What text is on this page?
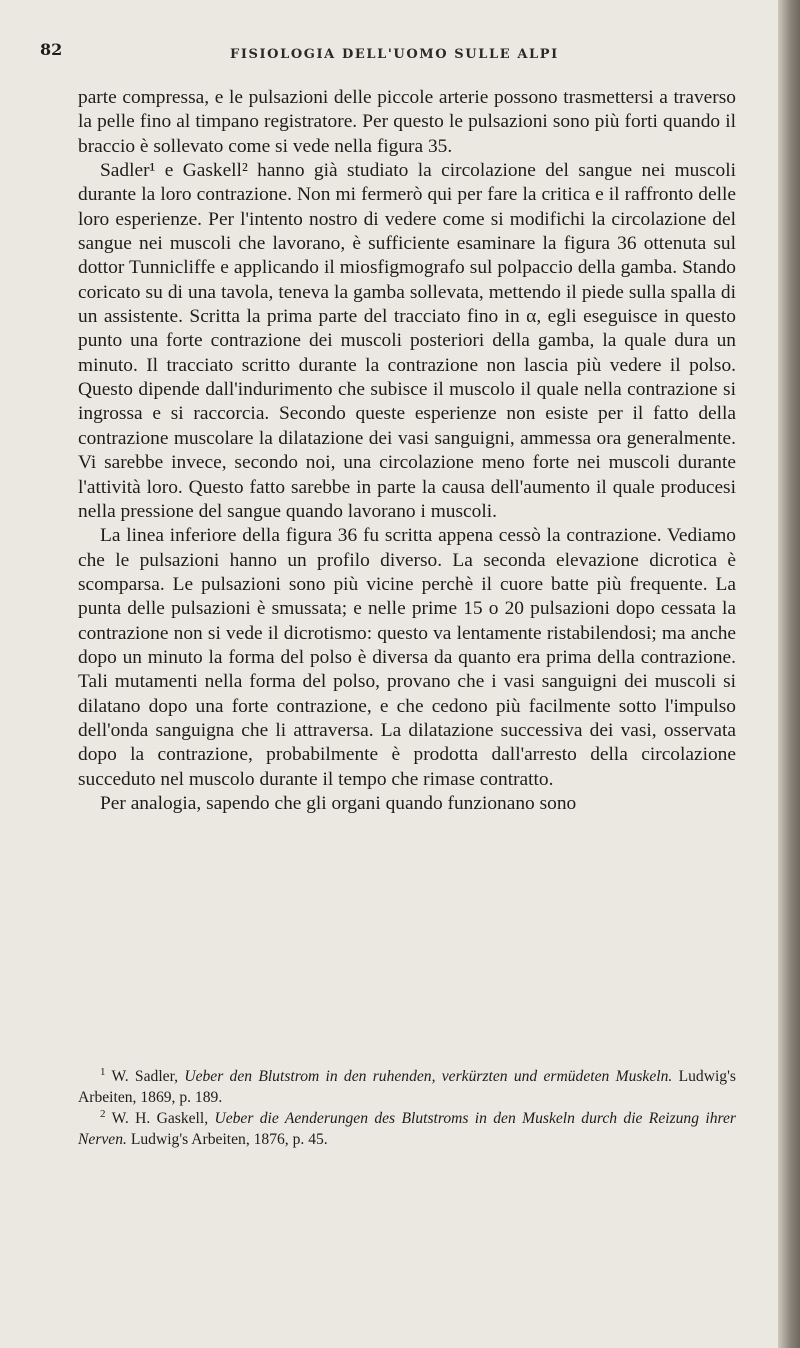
82	FISIOLOGIA DELL'UOMO SULLE ALPI

parte compressa, e le pulsazioni delle piccole arterie possono trasmettersi a traverso la pelle fino al timpano registratore. Per questo le pulsazioni sono più forti quando il braccio è sollevato come si vede nella figura 35.

Sadler¹ e Gaskell² hanno già studiato la circolazione del sangue nei muscoli durante la loro contrazione. Non mi fermerò qui per fare la critica e il raffronto delle loro esperienze. Per l'intento nostro di vedere come si modifichi la circolazione del sangue nei muscoli che lavorano, è sufficiente esaminare la figura 36 ottenuta sul dottor Tunnicliffe e applicando il miosfigmografo sul polpaccio della gamba. Stando coricato su di una tavola, teneva la gamba sollevata, mettendo il piede sulla spalla di un assistente. Scritta la prima parte del tracciato fino in α, egli eseguisce in questo punto una forte contrazione dei muscoli posteriori della gamba, la quale dura un minuto. Il tracciato scritto durante la contrazione non lascia più vedere il polso. Questo dipende dall'indurimento che subisce il muscolo il quale nella contrazione si ingrossa e si raccorcia. Secondo queste esperienze non esiste per il fatto della contrazione muscolare la dilatazione dei vasi sanguigni, ammessa ora generalmente. Vi sarebbe invece, secondo noi, una circolazione meno forte nei muscoli durante l'attività loro. Questo fatto sarebbe in parte la causa dell'aumento il quale producesi nella pressione del sangue quando lavorano i muscoli.

La linea inferiore della figura 36 fu scritta appena cessò la contrazione. Vediamo che le pulsazioni hanno un profilo diverso. La seconda elevazione dicrotica è scomparsa. Le pulsazioni sono più vicine perchè il cuore batte più frequente. La punta delle pulsazioni è smussata; e nelle prime 15 o 20 pulsazioni dopo cessata la contrazione non si vede il dicrotismo: questo va lentamente ristabilendosi; ma anche dopo un minuto la forma del polso è diversa da quanto era prima della contrazione. Tali mutamenti nella forma del polso, provano che i vasi sanguigni dei muscoli si dilatano dopo una forte contrazione, e che cedono più facilmente sotto l'impulso dell'onda sanguigna che li attraversa. La dilatazione successiva dei vasi, osservata dopo la contrazione, probabilmente è prodotta dall'arresto della circolazione succeduto nel muscolo durante il tempo che rimase contratto.

Per analogia, sapendo che gli organi quando funzionano sono

$^1$ W. Sadler, Ueber den Blutstrom in den ruhenden, verkürzten und ermüdeten Muskeln. Ludwig's Arbeiten, 1869, p. 189.

$^2$ W. H. Gaskell, Ueber die Aenderungen des Blutstroms in den Muskeln durch die Reizung ihrer Nerven. Ludwig's Arbeiten, 1876, p. 45.
